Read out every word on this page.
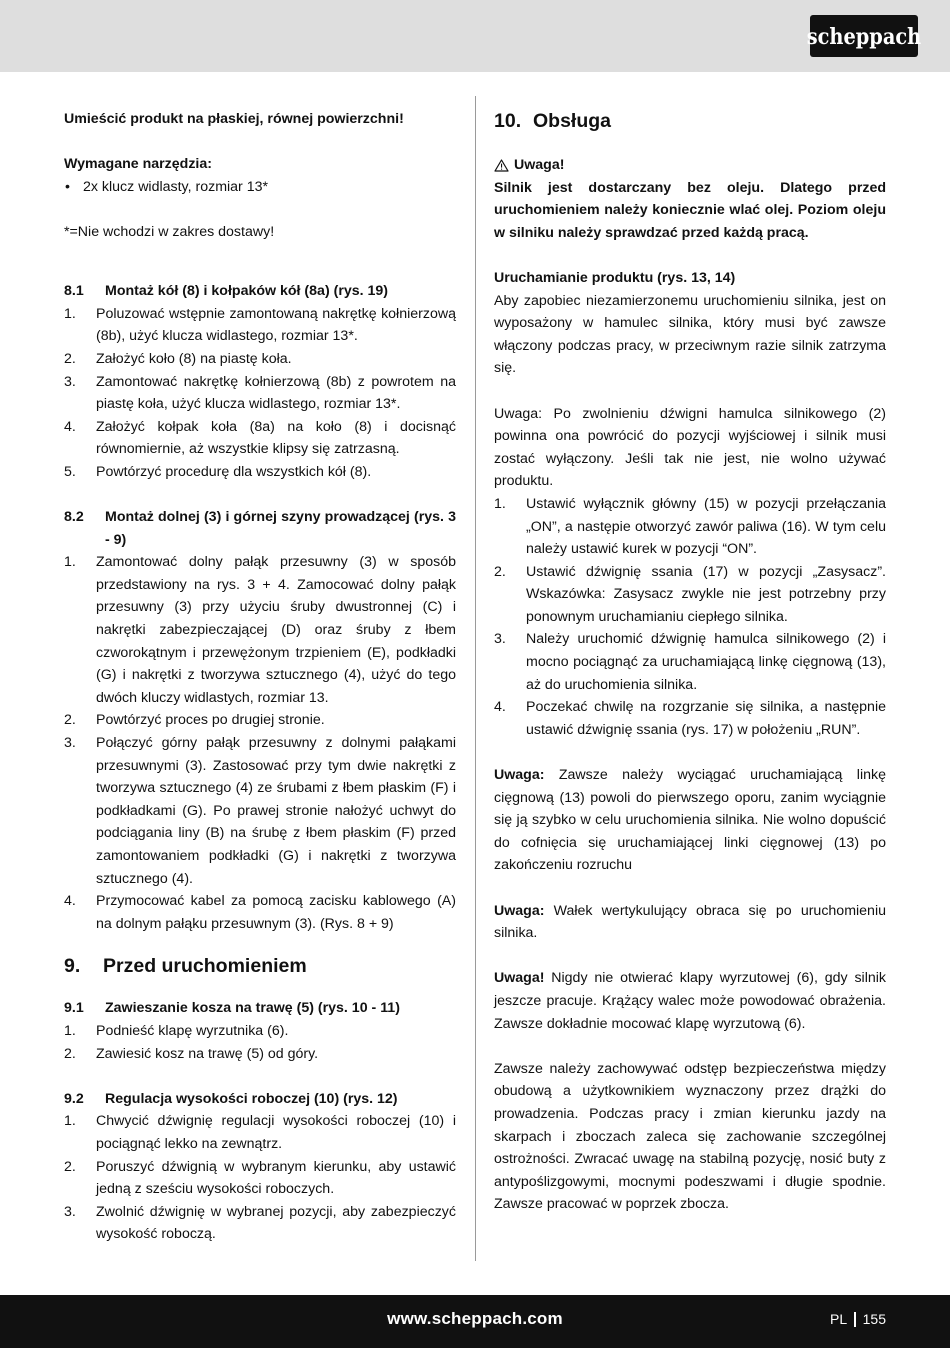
scheppach

Umieścić produkt na płaskiej, równej powierzchni!

Wymagane narzędzia:

• 2x klucz widlasty, rozmiar 13*

*=Nie wchodzi w zakres dostawy!

8.1	Montaż kół (8) i kołpaków kół (8a) (rys. 19)
1.	Poluzować wstępnie zamontowaną nakrętkę kołnierzową (8b), użyć klucza widlastego, rozmiar 13*.
2.	Założyć koło (8) na piastę koła.
3.	Zamontować nakrętkę kołnierzową (8b) z powrotem na piastę koła, użyć klucza widlastego, rozmiar 13*.
4.	Założyć kołpak koła (8a) na koło (8) i docisnąć równomiernie, aż wszystkie klipsy się zatrzasną.
5.	Powtórzyć procedurę dla wszystkich kół (8).
8.2	Montaż dolnej (3) i górnej szyny prowadzącej (rys. 3 - 9)
1.	Zamontować dolny pałąk przesuwny (3) w sposób przedstawiony na rys. 3 + 4. Zamocować dolny pałąk przesuwny (3) przy użyciu śruby dwustronnej (C) i nakrętki zabezpieczającej (D) oraz śruby z łbem czworokątnym i przewężonym trzpieniem (E), podkładki (G) i nakrętki z tworzywa sztucznego (4), użyć do tego dwóch kluczy widlastych, rozmiar 13.
2.	Powtórzyć proces po drugiej stronie.
3.	Połączyć górny pałąk przesuwny z dolnymi pałąkami przesuwnymi (3). Zastosować przy tym dwie nakrętki z tworzywa sztucznego (4) ze śrubami z łbem płaskim (F) i podkładkami (G). Po prawej stronie nałożyć uchwyt do podciągania liny (B) na śrubę z łbem płaskim (F) przed zamontowaniem podkładki (G) i nakrętki z tworzywa sztucznego (4).
4.	Przymocować kabel za pomocą zacisku kablowego (A) na dolnym pałąku przesuwnym (3). (Rys. 8 + 9)
9.	Przed uruchomieniem
9.1	Zawieszanie kosza na trawę (5) (rys. 10 - 11)
1.	Podnieść klapę wyrzutnika (6).
2.	Zawiesić kosz na trawę (5) od góry.
9.2	Regulacja wysokości roboczej (10) (rys. 12)
1.	Chwycić dźwignię regulacji wysokości roboczej (10) i pociągnąć lekko na zewnątrz.
2.	Poruszyć dźwignią w wybranym kierunku, aby ustawić jedną z sześciu wysokości roboczych.
3.	Zwolnić dźwignię w wybranej pozycji, aby zabezpieczyć wysokość roboczą.
10. Obsługa

Uwaga!

Silnik jest dostarczany bez oleju. Dlatego przed uruchomieniem należy koniecznie wlać olej. Poziom oleju w silniku należy sprawdzać przed każdą pracą.

Uruchamianie produktu (rys. 13, 14)

Aby zapobiec niezamierzonemu uruchomieniu silnika, jest on wyposażony w hamulec silnika, który musi być zawsze włączony podczas pracy, w przeciwnym razie silnik zatrzyma się.

Uwaga: Po zwolnieniu dźwigni hamulca silnikowego (2) powinna ona powrócić do pozycji wyjściowej i silnik musi zostać wyłączony. Jeśli tak nie jest, nie wolno używać produktu.

1.	Ustawić wyłącznik główny (15) w pozycji przełączania „ON”, a następie otworzyć zawór paliwa (16). W tym celu należy ustawić kurek w pozycji “ON”.
2.	Ustawić dźwignię ssania (17) w pozycji „Zasysacz”. Wskazówka: Zasysacz zwykle nie jest potrzebny przy ponownym uruchamianiu ciepłego silnika.
3.	Należy uruchomić dźwignię hamulca silnikowego (2) i mocno pociągnąć za uruchamiającą linkę cięgnową (13), aż do uruchomienia silnika.
4.	Poczekać chwilę na rozgrzanie się silnika, a następnie ustawić dźwignię ssania (rys. 17) w położeniu „RUN”.

Uwaga: Zawsze należy wyciągać uruchamiającą linkę cięgnową (13) powoli do pierwszego oporu, zanim wyciągnie się ją szybko w celu uruchomienia silnika. Nie wolno dopuścić do cofnięcia się uruchamiającej linki cięgnowej (13) po zakończeniu rozruchu

Uwaga: Wałek wertykulujący obraca się po uruchomieniu silnika.

Uwaga! Nigdy nie otwierać klapy wyrzutowej (6), gdy silnik jeszcze pracuje. Krążący walec może powodować obrażenia. Zawsze dokładnie mocować klapę wyrzutową (6).

Zawsze należy zachowywać odstęp bezpieczeństwa między obudową a użytkownikiem wyznaczony przez drążki do prowadzenia. Podczas pracy i zmian kierunku jazdy na skarpach i zboczach zaleca się zachowanie szczególnej ostrożności. Zwracać uwagę na stabilną pozycję, nosić buty z antypoślizgowymi, mocnymi podeszwami i długie spodnie. Zawsze pracować w poprzek zbocza.

www.scheppach.com	PL 155
